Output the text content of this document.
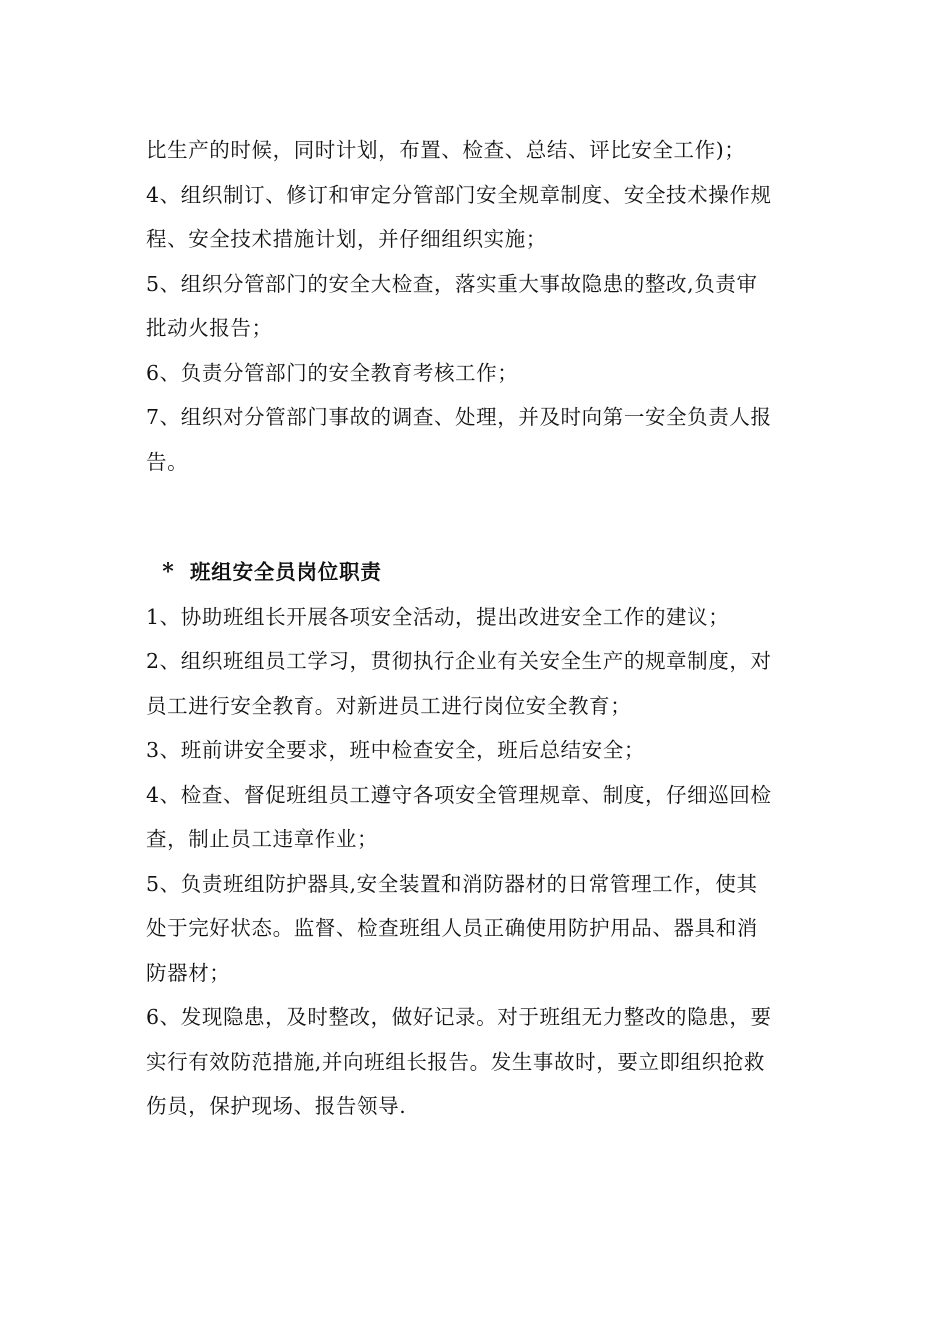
比生产的时候，同时计划，布置、检查、总结、评比安全工作)；
4、组织制订、修订和审定分管部门安全规章制度、安全技术操作规
程、安全技术措施计划，并仔细组织实施；
5、组织分管部门的安全大检查，落实重大事故隐患的整改,负责审
批动火报告；
6、负责分管部门的安全教育考核工作；
7、组织对分管部门事故的调查、处理，并及时向第一安全负责人报
告。
* 班组安全员岗位职责
1、协助班组长开展各项安全活动，提出改进安全工作的建议；
2、组织班组员工学习，贯彻执行企业有关安全生产的规章制度，对
员工进行安全教育。对新进员工进行岗位安全教育；
3、班前讲安全要求，班中检查安全，班后总结安全；
4、检查、督促班组员工遵守各项安全管理规章、制度，仔细巡回检
查，制止员工违章作业；
5、负责班组防护器具,安全装置和消防器材的日常管理工作，使其
处于完好状态。监督、检查班组人员正确使用防护用品、器具和消
防器材；
6、发现隐患，及时整改，做好记录。对于班组无力整改的隐患，要
实行有效防范措施,并向班组长报告。发生事故时，要立即组织抢救
伤员，保护现场、报告领导.
